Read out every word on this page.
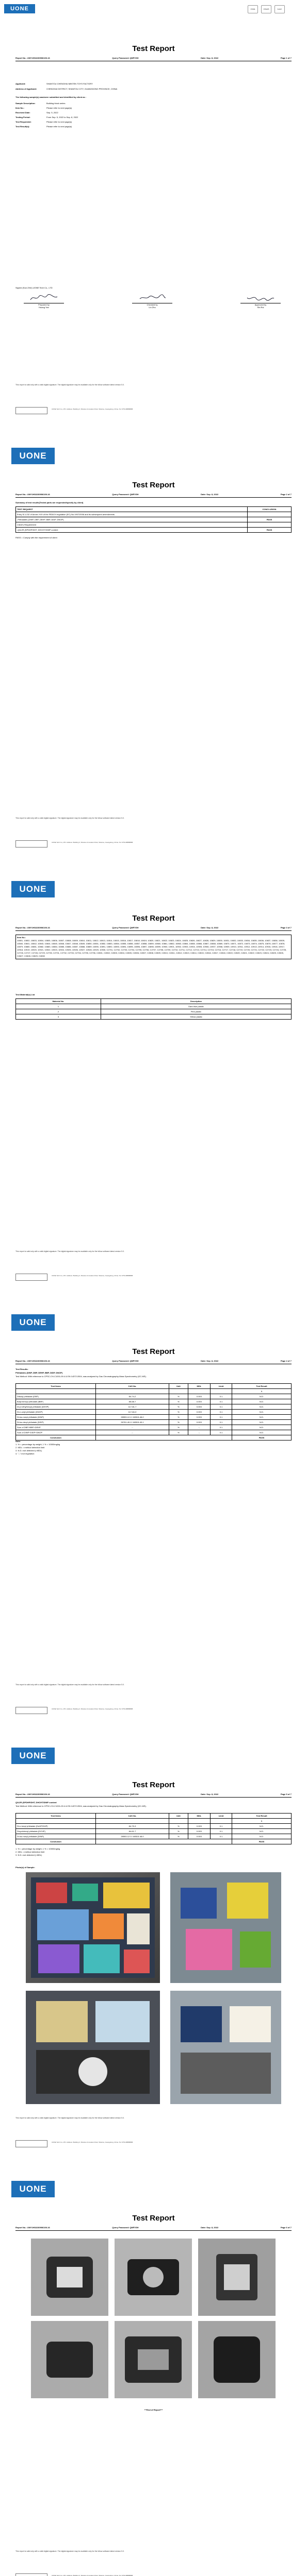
UONE	CMA	CNAS	ILAC
Test Report
Report No.: UNY1H02230906100-16	Query Password: QMFVSH	Date: Sep. 8, 2022	Page 1 of 7
Applicant:	SHANTOU CHENGHAI MINTEN TOYS FACTORY
Address of Applicant:	CHENGHAI DISTRICT, SHANTOU CITY, GUANGDONG PROVINCE, CHINA
The following sample(s) was/were submitted and identified by client as :
Sample Description:	Building block series
Item No.:	Please refer to next page(s)
Received Date:	Sep. 5, 2022
Testing Period:	From Sep. 5, 2022 to Sep. 8, 2022
Test Requested:	Please refer to next page(s)
Test Result(s):	Please refer to next page(s)
Signed (Sun ZiXe) UONE Tech Co., LTD
Prepared by
Huang Yan
Checked by
Lin Zhu
Approved by
Shi Rui
This report is valid only with a valid digital signature. The digital signature may be available only for the follow software latest version 5.0.
UONE Tech Co.,LTD. Address: Building 3, Shantou Innovation Park, Shantou, Guangdong, China. Tel: 0754-88888888
UONE
Test Report
Report No.: UNY1H02230906100-16	Query Password: QMFVSH	Date: Sep. 8, 2022	Page 2 of 7
Summary of test results(Tested parts are requested/specify by client)
TEST REQUEST	CONCLUSION
Entry 51 & 52 of Annex XVII of the REACH regulation (EC) No.1907/2006 and its subsequent amendments	
-Phthalates (DINP, DBP, DEHP, BBP, DIDP, DNOP)	PASS
Client's Requirement	
-Q/UJR (SPDHP/DHT, DHCHT/DINP content	PASS
PASS = Comply with the requirement of client
This report is valid only with a valid digital signature. The digital signature may be available only for the follow software latest version 5.0.
UONE Tech Co.,LTD. Address: Building 3, Shantou Innovation Park, Shantou, Guangdong, China. Tel: 0754-88888888
UONE
Test Report
Report No.: UNY1H02230906100-16	Query Password: QMFVSH	Date: Sep. 8, 2022	Page 3 of 7
Item No.:
10801, 10802, 10803, 10804, 10805, 10806, 10807, 10808, 10809, 10810, 10811, 10812, 10813, 10814, 10815, 10816, 10817, 10818, 10819, 10820, 10821, 10822, 10823, 10824, 10825, 10826, 10827, 10828, 10829, 10830, 10831, 10832, 10833, 10834, 10835, 10836, 10837, 10838, 10839, 10840, 10841, 10842, 10843, 10844, 10845, 10846, 10847, 10848, 10849, 10850, 10851, 10852, 10853, 10854, 10855, 10856, 10857, 10858, 10859, 10860, 10861, 10862, 10863, 10864, 10865, 10866, 10867, 10868, 10869, 10870, 10871, 10872, 10873, 10874, 10875, 10876, 10877, 10878, 10879, 10880, 10881, 10882, 10883, 10884, 10885, 10886, 10887, 10888, 10889, 10890, 10891, 10892, 10893, 10894, 10895, 10896, 10897, 10898, 10899, 10900, 10901, 10902, 10903, 10904, 10905, 10906, 10907, 10908, 10909, 10910, 10911, 10912, 10913, 10914, 10915, 10916, 10917, 10918, 10919, 10920, 10921, 10922, 10923, 10924, 10925, 10926, 10927, 10928, 10929, 10930, C2701, C2702, C2703, C2704, C2705, C2706, C2707, C2708, C2709, C2710, C2711, C2712, C2713, C2714, C2715, C2716, C2717, C2718, C2719, C2720, C2721, C2722, C2723, C2724, C2725, C2726, C2727, C2728, C2729, C2730, C2731, C2732, C2733, C2734, C2735, C2736, C2801, C2802, C2803, C2804, C2805, C2806, C2807, C2808, C2809, C2810, C2811, C2812, C2813, C2814, C2815, C2816, C2817, C2818, C2819, C2820, C2821, C2822, C2823, C2824, C2825, C2826, C2827, C2828, C2829, C2830
Test Material(s) List
Material No.	Description
1	Dark blue plastic
2	Pink plastic
3	Yellow plastic
This report is valid only with a valid digital signature. The digital signature may be available only for the follow software latest version 5.0.
UONE Tech Co.,LTD. Address: Building 3, Shantou Innovation Park, Shantou, Guangdong, China. Tel: 0754-88888888
UONE
Test Report
Report No.: UNY1H02230906100-16	Query Password: QMFVSH	Date: Sep. 8, 2022	Page 4 of 7
Test Results:
Phthalates (DINP, DBP, DEHP, BBP, DIDP, DNOP)
Test Method: With reference to CPSC-CH-C1001-09.4 & EN 14372:2004, was analyzed by Gas Chromatography-Mass Spectrometry (GC-MS).
Test Items	CAS No.	Unit	MDL	Limit	Test Result
					1
Dibutyl phthalate (DBP)	84-74-2	%	0.003	0.1	N.D.
Butyl benzyl phthalate (BBP)	85-68-7	%	0.003	0.1	N.D.
Di-(2-ethylhexyl) phthalate (DEHP)	117-81-7	%	0.003	0.1	N.D.
Di-n-octyl phthalate (DNOP)	117-84-0	%	0.003	0.1	N.D.
Di-iso-nonyl phthalate (DINP)	28553-12-0 / 68515-48-0	%	0.003	0.1	N.D.
Di-iso-decyl phthalate (DIDP)	26761-40-0 / 68515-49-1	%	0.003	0.1	N.D.
Sum of DBP+BBP+DEHP	--	%	--	0.1	N.D.
Sum of DINP+DIDP+DNOP	--	%	--	0.1	N.D.
Conclusion					PASS
Note:
1. % = percentage by weight, 1 % = 10000mg/kg
2. MDL = method detection limit
3. N.D.=not detected (<MDL)
4. "--"=not regulation
This report is valid only with a valid digital signature. The digital signature may be available only for the follow software latest version 5.0.
UONE Tech Co.,LTD. Address: Building 3, Shantou Innovation Park, Shantou, Guangdong, China. Tel: 0754-88888888
UONE
Test Report
Report No.: UNY1H02230906100-16	Query Password: QMFVSH	Date: Sep. 8, 2022	Page 5 of 7
Q/UJR (SPDHP/DHT, DHCHT/DINP content
Test Method: With reference to CPSC-CH-C1001-09.4 & EN 14372:2004, was analyzed by Gas Chromatography-Mass Spectrometry (GC-MS).
Test Items	CAS No.	Unit	MDL	Limit	Test Result
					1
Di-n-hexyl phthalate (DnHP/DHP)	84-75-3	%	0.003	0.1	N.D.
Dicyclohexyl phthalate (DCHP)	84-61-7	%	0.003	0.1	N.D.
Di-iso-nonyl phthalate (DINP)	28553-12-0 / 68515-48-0	%	0.003	0.1	N.D.
Conclusion					PASS
1. % = percentage by weight, 1 % = 10000mg/kg
2. MDL = method detection limit
3. N.D.=not detected (<MDL)
Photo(s) of Sample:
This report is valid only with a valid digital signature. The digital signature may be available only for the follow software latest version 5.0.
UONE Tech Co.,LTD. Address: Building 3, Shantou Innovation Park, Shantou, Guangdong, China. Tel: 0754-88888888
UONE
Test Report
Report No.: UNY1H02230906100-16	Query Password: QMFVSH	Date: Sep. 8, 2022	Page 6 of 7
***End of Report***
This report is valid only with a valid digital signature. The digital signature may be available only for the follow software latest version 5.0.
UONE Tech Co.,LTD. Address: Building 3, Shantou Innovation Park, Shantou, Guangdong, China. Tel: 0754-88888888
